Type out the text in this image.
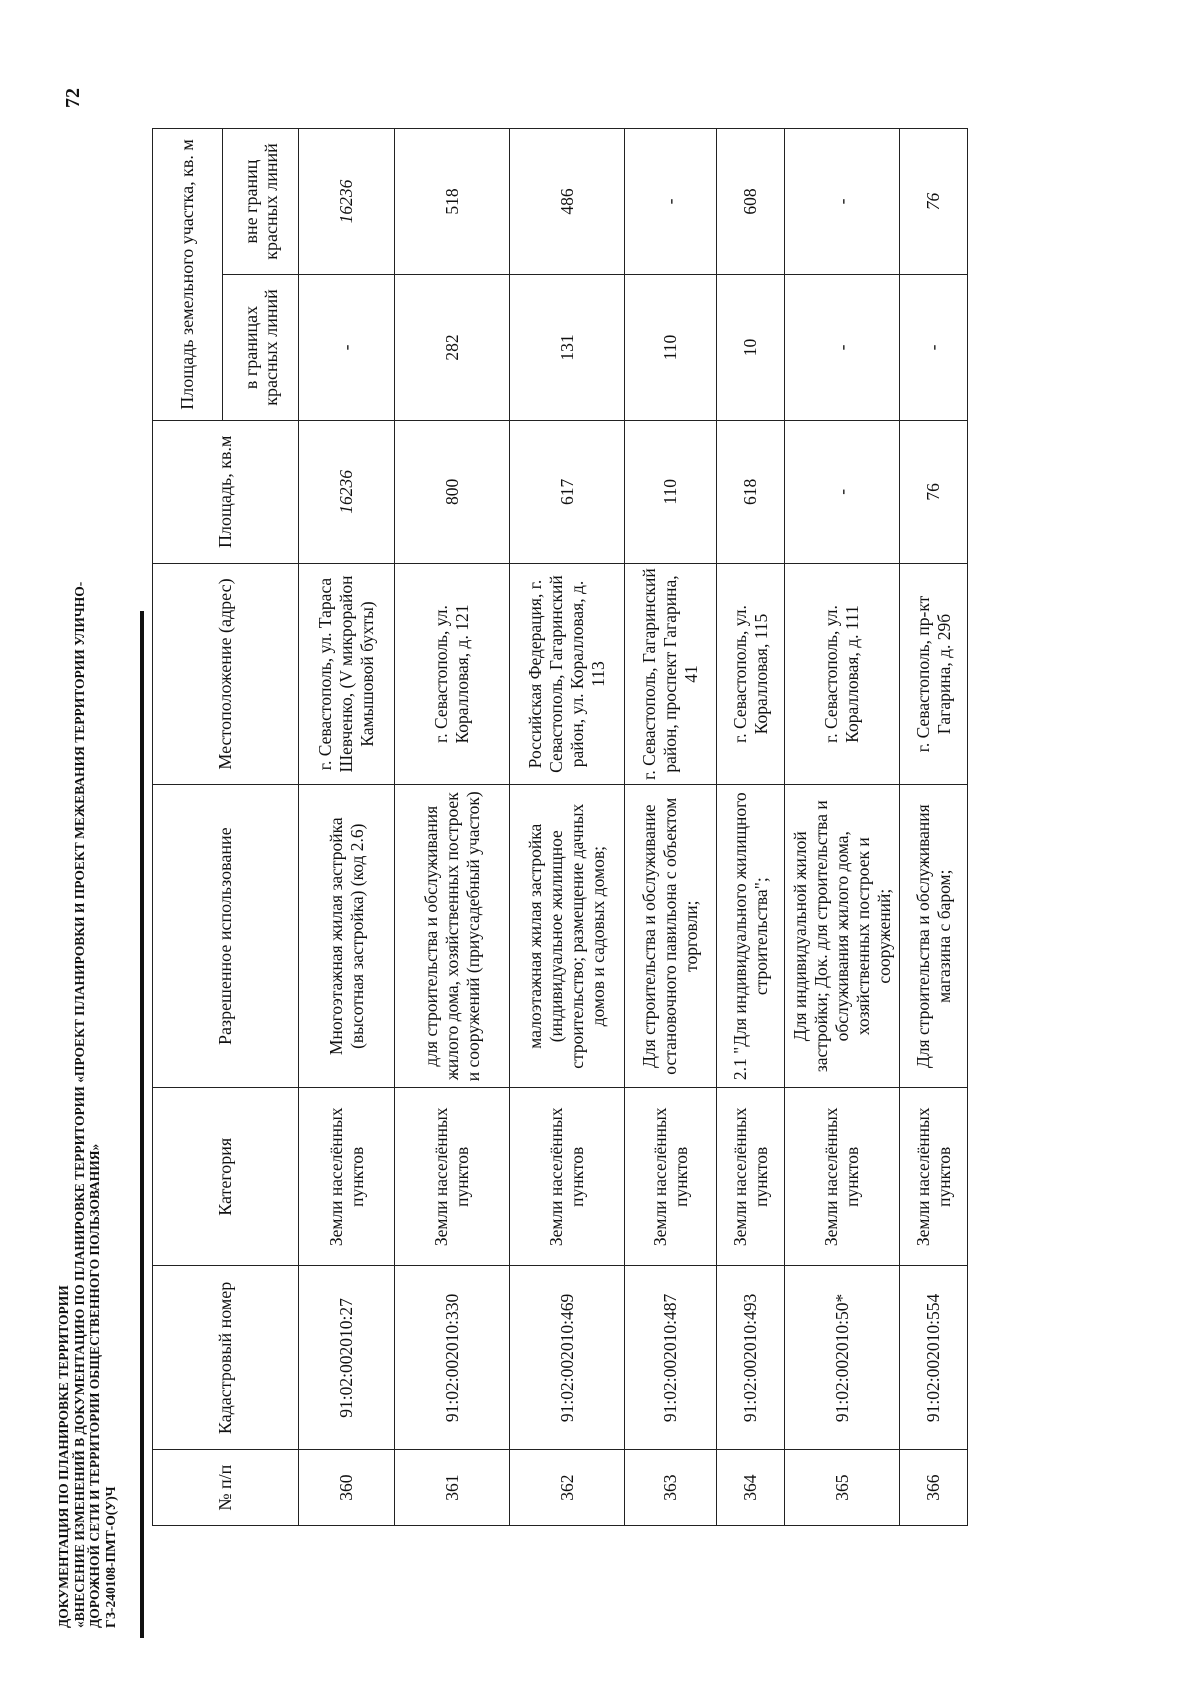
72
ДОКУМЕНТАЦИЯ ПО ПЛАНИРОВКЕ ТЕРРИТОРИИ «ВНЕСЕНИЕ ИЗМЕНЕНИЙ В ДОКУМЕНТАЦИЮ ПО ПЛАНИРОВКЕ ТЕРРИТОРИИ «ПРОЕКТ ПЛАНИРОВКИ И ПРОЕКТ МЕЖЕВАНИЯ ТЕРРИТОРИИ УЛИЧНО- ДОРОЖНОЙ СЕТИ И ТЕРРИТОРИИ ОБЩЕСТВЕННОГО ПОЛЬЗОВАНИЯ» ГЗ-240108-ПМТ-О(У)Ч	№ п/п	Кадастровый номер	Категория	Разрешенное использование	Местоположение (адрес)	Площадь, кв.м	Площадь земельного участка, кв. м	
						в границах красных линий	вне границ красных линий
360	91:02:002010:27	Земли населённых пунктов	Многоэтажная жилая застройка (высотная застройка) (код 2.6)	г. Севастополь, ул. Тараса Шевченко, (V микрорайон Камышовой бухты)	16236	-	16236
361	91:02:002010:330	Земли населённых пунктов	для строительства и обслуживания жилого дома, хозяйственных построек и сооружений (приусадебный участок)	г. Севастополь, ул. Коралловая, д. 121	800	282	518
362	91:02:002010:469	Земли населённых пунктов	малоэтажная жилая застройка (индивидуальное жилищное строительство; размещение дачных домов и садовых домов;	Российская Федерация, г. Севастополь, Гагаринский район, ул. Коралловая, д. 113	617	131	486
363	91:02:002010:487	Земли населённых пунктов	Для строительства и обслуживание остановочного павильона с объектом торговли;	г. Севастополь, Гагаринский район, проспект Гагарина, 41	110	110	-
364	91:02:002010:493	Земли населённых пунктов	2.1 "Для индивидуального жилищного строительства";	г. Севастополь, ул. Коралловая, 115	618	10	608
365	91:02:002010:50*	Земли населённых пунктов	Для индивидуальной жилой застройки; Док. для строительства и обслуживания жилого дома, хозяйственных построек и сооружений;	г. Севастополь, ул. Коралловая, д. 111	-	-	-
366	91:02:002010:554	Земли населённых пунктов	Для строительства и обслуживания магазина с баром;	г. Севастополь, пр-кт Гагарина, д. 29б	76	-	76
